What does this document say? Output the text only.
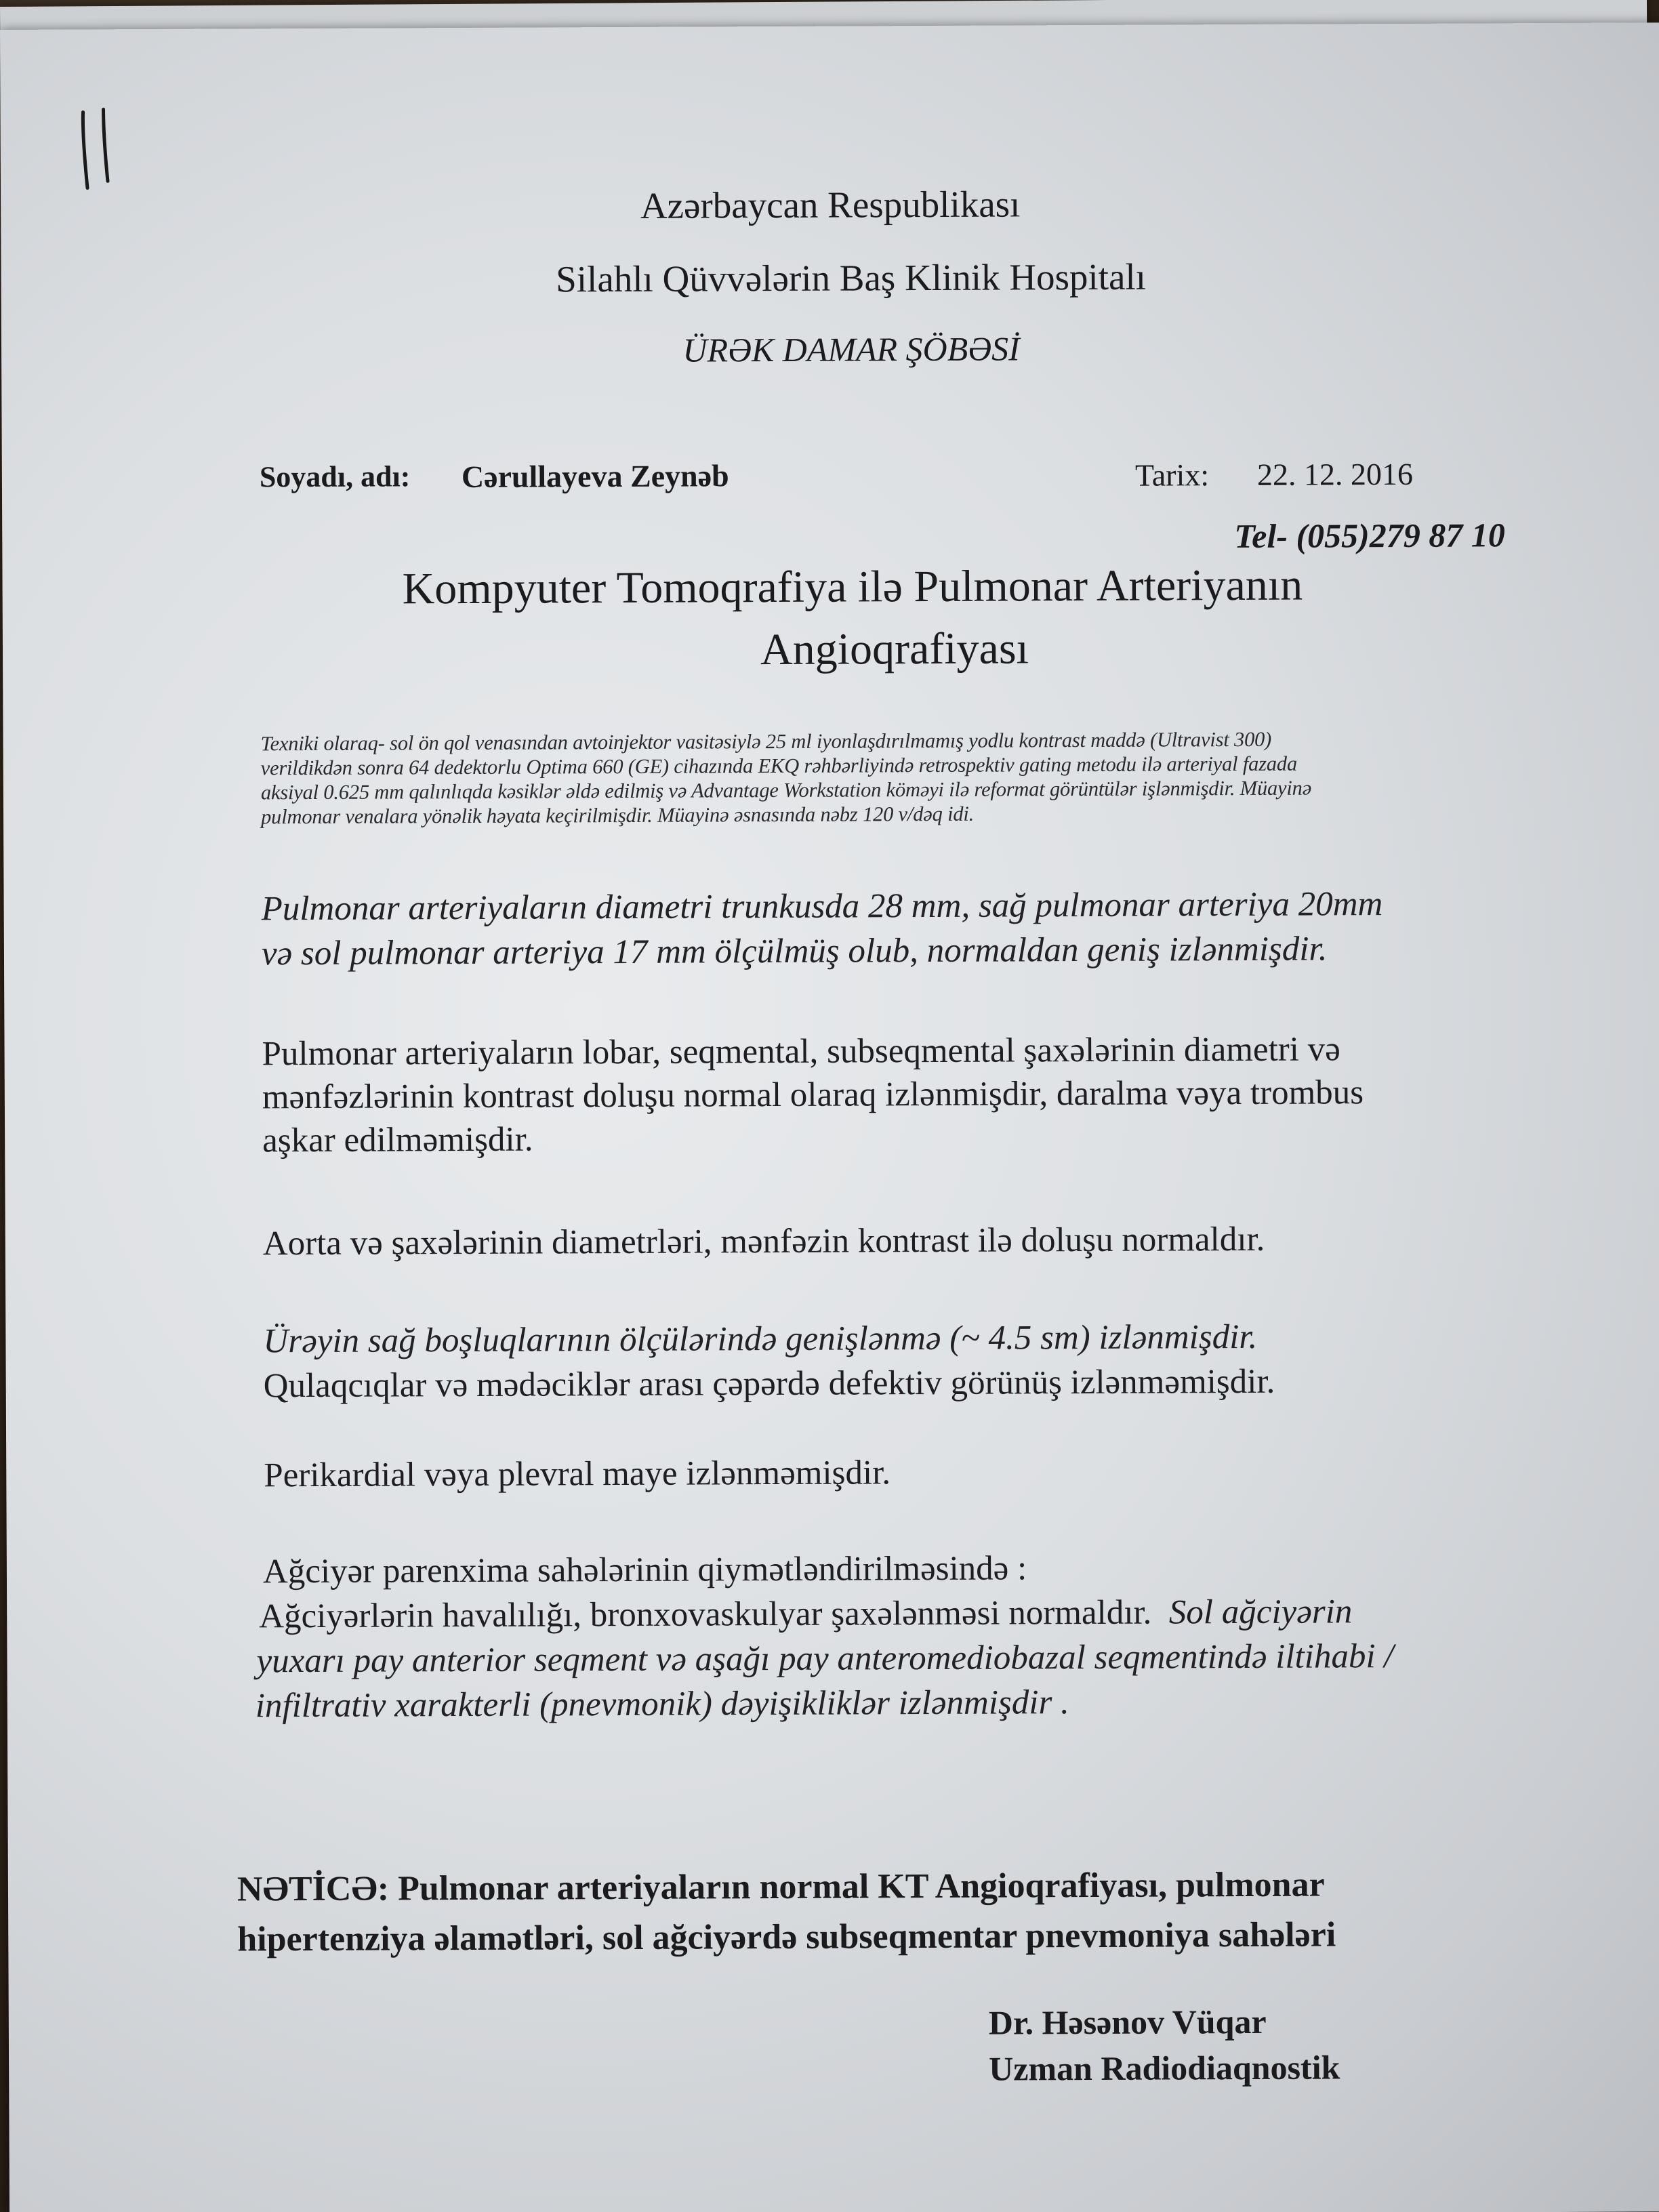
Azərbaycan Respublikası

Silahlı Qüvvələrin Baş Klinik Hospitalı

ÜRƏK DAMAR ŞÖBƏSİ

Soyadı, adı: Cərullayeva Zeynəb	Tarix: 22. 12. 2016

Tel- (055)279 87 10

Kompyuter Tomoqrafiya ilə Pulmonar Arteriyanın

Angioqrafiyası

Texniki olaraq- sol ön qol venasından avtoinjektor vasitəsiylə 25 ml iyonlaşdırılmamış yodlu kontrast maddə (Ultravist 300)

verildikdən sonra 64 dedektorlu Optima 660 (GE) cihazında EKQ rəhbərliyində retrospektiv gating metodu ilə arteriyal fazada

aksiyal 0.625 mm qalınlıqda kəsiklər əldə edilmiş və Advantage Workstation köməyi ilə reformat görüntülər işlənmişdir. Müayinə

pulmonar venalara yönəlik həyata keçirilmişdir. Müayinə əsnasında nəbz 120 v/dəq idi.

Pulmonar arteriyaların diametri trunkusda 28 mm, sağ pulmonar arteriya 20mm

və sol pulmonar arteriya 17 mm ölçülmüş olub, normaldan geniş izlənmişdir.

Pulmonar arteriyaların lobar, seqmental, subseqmental şaxələrinin diametri və

mənfəzlərinin kontrast doluşu normal olaraq izlənmişdir, daralma vəya trombus

aşkar edilməmişdir.

Aorta və şaxələrinin diametrləri, mənfəzin kontrast ilə doluşu normaldır.

Ürəyin sağ boşluqlarının ölçülərində genişlənmə (~ 4.5 sm) izlənmişdir.

Qulaqcıqlar və mədəciklər arası çəpərdə defektiv görünüş izlənməmişdir.

Perikardial vəya plevral maye izlənməmişdir.

Ağciyər parenxima sahələrinin qiymətləndirilməsində :

Ağciyərlərin havalılığı, bronxovaskulyar şaxələnməsi normaldır. Sol ağciyərin

yuxarı pay anterior seqment və aşağı pay anteromediobazal seqmentində iltihabi /

infiltrativ xarakterli (pnevmonik) dəyişikliklər izlənmişdir .

NƏTİCƏ: Pulmonar arteriyaların normal KT Angioqrafiyası, pulmonar

hipertenziya əlamətləri, sol ağciyərdə subseqmentar pnevmoniya sahələri

Dr. Həsənov Vüqar

Uzman Radiodiaqnostik
